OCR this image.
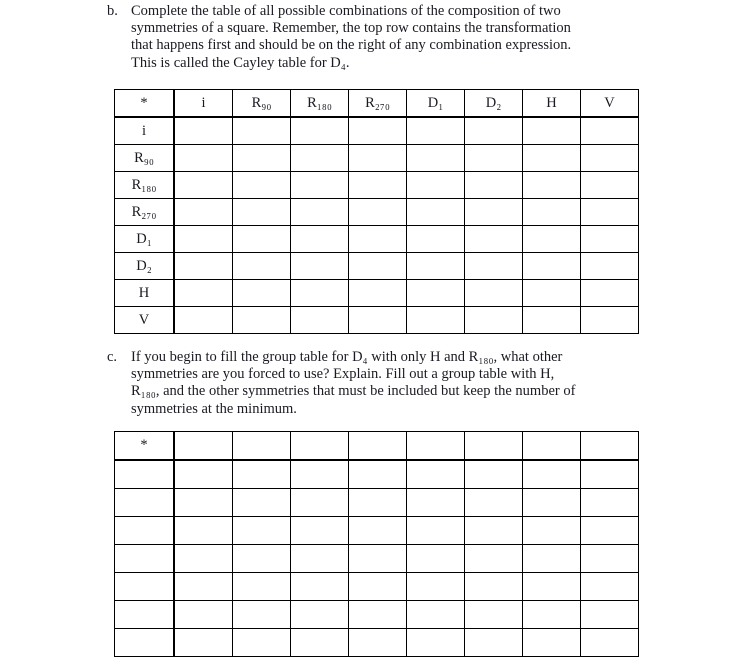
b. Complete the table of all possible combinations of the composition of two
symmetries of a square. Remember, the top row contains the transformation
that happens first and should be on the right of any combination expression.
This is called the Cayley table for D₄.
*	i	R₉₀	R₁₈₀	R₂₇₀	D₁	D₂	H	V
i								
R₉₀								
R₁₈₀								
R₂₇₀								
D₁								
D₂								
H								
V								
c. If you begin to fill the group table for D₄ with only H and R₁₈₀, what other
symmetries are you forced to use? Explain. Fill out a group table with H,
R₁₈₀, and the other symmetries that must be included but keep the number of
symmetries at the minimum.
*								
